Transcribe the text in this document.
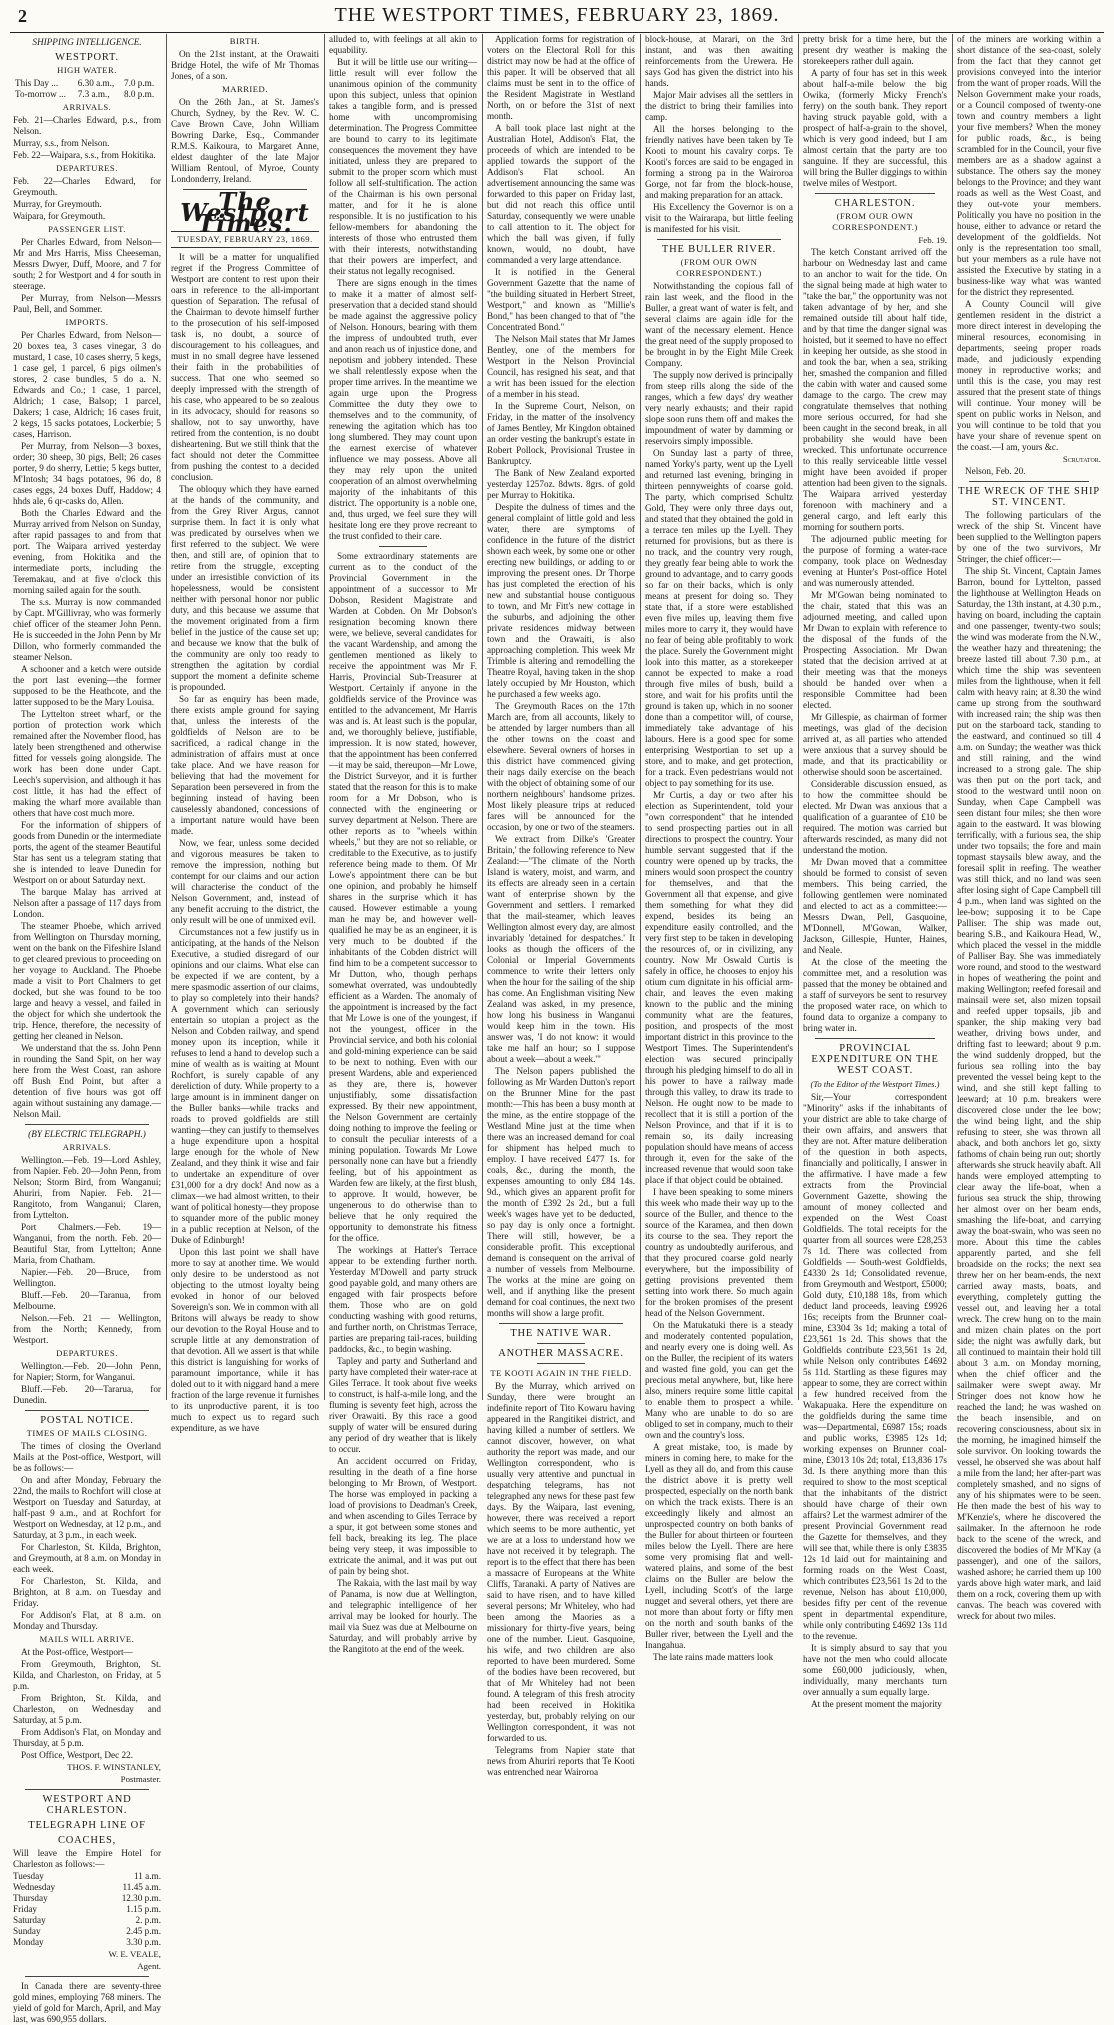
2	THE WESTPORT TIMES, FEBRUARY 23, 1869.
SHIPPING INTELLIGENCE.
WESTPORT.
HIGH WATER.
This Day ...	6.30 a.m.,	7.0 p.m.
To-morrow ...	7.3 a.m.,	8.0 p.m.
ARRIVALS.

Feb. 21—Charles Edward, p.s., from Nelson.

Murray, s.s., from Nelson.

Feb. 22—Waipara, s.s., from Hokitika.

DEPARTURES.

Feb. 22—Charles Edward, for Greymouth.

Murray, for Greymouth.

Waipara, for Greymouth.

PASSENGER LIST.

Per Charles Edward, from Nelson—Mr and Mrs Harris, Miss Cheeseman, Messrs Dwyer, Duff, Moore, and 7 for south; 2 for Westport and 4 for south in steerage.

Per Murray, from Nelson—Messrs Paul, Bell, and Sommer.

IMPORTS.

Per Charles Edward, from Nelson—20 boxes tea, 3 cases vinegar, 3 do mustard, 1 case, 10 cases sherry, 5 kegs, 1 case gel, 1 parcel, 6 pigs oilmen's stores, 2 case bundles, 5 do a. N. Edwards and Co.; 1 case, 1 parcel, Aldrich; 1 case, Balsop; 1 parcel, Dakers; 1 case, Aldrich; 16 cases fruit, 2 kegs, 15 sacks potatoes, Lockerbie; 5 cases, Harrison.

Per Murray, from Nelson—3 boxes, order; 30 sheep, 30 pigs, Bell; 26 cases porter, 9 do sherry, Lettie; 5 kegs butter, M'Intosh; 34 bags potatoes, 96 do, 8 cases eggs, 24 boxes Duff, Haddow; 4 hhds ale, 6 qr-casks do, Allen.

Both the Charles Edward and the Murray arrived from Nelson on Sunday, after rapid passages to and from that port. The Waipara arrived yesterday evening, from Hokitika and the intermediate ports, including the Teremakau, and at five o'clock this morning sailed again for the south.

The s.s. Murray is now commanded by Capt. M'Gillivray, who was formerly chief officer of the steamer John Penn. He is succeeded in the John Penn by Mr Dillon, who formerly commanded the steamer Nelson.

A schooner and a ketch were outside the port last evening—the former supposed to be the Heathcote, and the latter supposed to be the Mary Louisa.

The Lyttelton street wharf, or the portion of protection work which remained after the November flood, has lately been strengthened and otherwise fitted for vessels going alongside. The work has been done under Capt. Leech's supervision, and although it has cost little, it has had the effect of making the wharf more available than others that have cost much more.

For the information of shippers of goods from Dunedin or the intermediate ports, the agent of the steamer Beautiful Star has sent us a telegram stating that she is intended to leave Dunedin for Westport on or about Saturday next.

The barque Malay has arrived at Nelson after a passage of 117 days from London.

The steamer Phoebe, which arrived from Wellington on Thursday morning, went on the bank on the Fifeshire Island to get cleared previous to proceeding on her voyage to Auckland. The Phoebe made a visit to Port Chalmers to get docked, but she was found to be too large and heavy a vessel, and failed in the object for which she undertook the trip. Hence, therefore, the necessity of getting her cleaned in Nelson.

We understand that the ss. John Penn in rounding the Sand Spit, on her way here from the West Coast, ran ashore off Bush End Point, but after a detention of five hours was got off again without sustaining any damage.—Nelson Mail.

(BY ELECTRIC TELEGRAPH.)
ARRIVALS.

Wellington.—Feb. 19—Lord Ashley, from Napier. Feb. 20—John Penn, from Nelson; Storm Bird, from Wanganui; Ahuriri, from Napier. Feb. 21—Rangitoto, from Wanganui; Claren, from Lyttelton.

Port Chalmers.—Feb. 19—Wanganui, from the north. Feb. 20—Beautiful Star, from Lyttelton; Anne Maria, from Chatham.

Napier.—Feb. 20—Bruce, from Wellington.

Bluff.—Feb. 20—Taranua, from Melbourne.

Nelson.—Feb. 21 — Wellington, from the North; Kennedy, from Westport.

DEPARTURES.

Wellington.—Feb. 20—John Penn, for Napier; Storm, for Wanganui.

Bluff.—Feb. 20—Tararua, for Dunedin.

POSTAL NOTICE.
TIMES OF MAILS CLOSING.

The times of closing the Overland Mails at the Post-office, Westport, will be as follows:—

On and after Monday, February the 22nd, the mails to Rochfort will close at Westport on Tuesday and Saturday, at half-past 9 a.m., and at Rochfort for Westport on Wednesday, at 12 p.m., and Saturday, at 3 p.m., in each week.

For Charleston, St. Kilda, Brighton, and Greymouth, at 8 a.m. on Monday in each week.

For Charleston, St. Kilda, and Brighton, at 8 a.m. on Tuesday and Friday.

For Addison's Flat, at 8 a.m. on Monday and Thursday.

MAILS WILL ARRIVE.

At the Post-office, Westport—

From Greymouth, Brighton, St. Kilda, and Charleston, on Friday, at 5 p.m.

From Brighton, St. Kilda, and Charleston, on Wednesday and Saturday, at 5 p.m.

From Addison's Flat, on Monday and Thursday, at 5 p.m.

Post Office, Westport, Dec 22.

THOS. F. WINSTANLEY,
Postmaster.
WESTPORT AND CHARLESTON.
TELEGRAPH LINE OF
COACHES,

Will leave the Empire Hotel for Charleston as follows:—

Tuesday	11 a.m.
Wednesday	11.45 a.m.
Thursday	12.30 p.m.
Friday	1.15 p.m.
Saturday	2. p.m.
Sunday	2.45 p.m.
Monday	3.30 p.m.
W. E. VEALE,
Agent.

In Canada there are seventy-three gold mines, employing 768 miners. The yield of gold for March, April, and May last, was 690,955 dollars.

BIRTH.

On the 21st instant, at the Orawaiti Bridge Hotel, the wife of Mr Thomas Jones, of a son.

MARRIED.

On the 26th Jan., at St. James's Church, Sydney, by the Rev. W. C. Cave Brown Cave, John William Bowring Darke, Esq., Commander R.M.S. Kaikoura, to Margaret Anne, eldest daughter of the late Major William Rentoul, of Myroe, County Londonderry, Ireland.

The Westport Times.
TUESDAY, FEBRUARY 23, 1869.

It will be a matter for unqualified regret if the Progress Committee of Westport are content to rest upon their oars in reference to the all-important question of Separation. The refusal of the Chairman to devote himself further to the prosecution of his self-imposed task is, no doubt, a source of discouragement to his colleagues, and must in no small degree have lessened their faith in the probabilities of success. That one who seemed so deeply impressed with the strength of his case, who appeared to be so zealous in its advocacy, should for reasons so shallow, not to say unworthy, have retired from the contention, is no doubt disheartening. But we still think that the fact should not deter the Committee from pushing the contest to a decided conclusion.

The obloquy which they have earned at the hands of the community, and from the Grey River Argus, cannot surprise them. In fact it is only what was predicated by ourselves when we first referred to the subject. We were then, and still are, of opinion that to retire from the struggle, excepting under an irresistible conviction of its hopelessness, would be consistent neither with personal honor nor public duty, and this because we assume that the movement originated from a firm belief in the justice of the cause set up; and because we know that the bulk of the community are only too ready to strengthen the agitation by cordial support the moment a definite scheme is propounded.

So far as enquiry has been made, there exists ample ground for saying that, unless the interests of the goldfields of Nelson are to be sacrificed, a radical change in the administration of affairs must at once take place. And we have reason for believing that had the movement for Separation been persevered in from the beginning instead of having been causelessly abandoned, concessions of a important nature would have been made.

Now, we fear, unless some decided and vigorous measures be taken to remove the impression, nothing but contempt for our claims and our action will characterise the conduct of the Nelson Government, and, instead of any benefit accruing to the district, the only result will be one of unmixed evil.

Circumstances not a few justify us in anticipating, at the hands of the Nelson Executive, a studied disregard of our opinions and our claims. What else can be expected if we are content, by a mere spasmodic assertion of our claims, to play so completely into their hands? A government which can seriously entertain so utopian a project as the Nelson and Cobden railway, and spend money upon its inception, while it refuses to lend a hand to develop such a mine of wealth as is waiting at Mount Rochfort, is surely capable of any dereliction of duty. While property to a large amount is in imminent danger on the Buller banks—while tracks and roads to proved goldfields are still wanting—they can justify to themselves a huge expenditure upon a hospital large enough for the whole of New Zealand, and they think it wise and fair to undertake an expenditure of over £31,000 for a dry dock! And now as a climax—we had almost written, to their want of political honesty—they propose to squander more of the public money in a public reception at Nelson, of the Duke of Edinburgh!

Upon this last point we shall have more to say at another time. We would only desire to be understood as not objecting to the utmost loyalty being evoked in honor of our beloved Sovereign's son. We in common with all Britons will always be ready to show our devotion to the Royal House and to scruple little at any demonstration of that devotion. All we assert is that while this district is languishing for works of paramount importance, while it has doled out to it with niggard hand a mere fraction of the large revenue it furnishes to its unproductive parent, it is too much to expect us to regard such expenditure, as we have

alluded to, with feelings at all akin to equability.

But it will be little use our writing—little result will ever follow the unanimous opinion of the community upon this subject, unless that opinion takes a tangible form, and is pressed home with uncompromising determination. The Progress Committee are bound to carry to its legitimate consequences the movement they have initiated, unless they are prepared to submit to the proper scorn which must follow all self-stultification. The action of the Chairman is his own personal matter, and for it he is alone responsible. It is no justification to his fellow-members for abandoning the interests of those who entrusted them with their interests, notwithstanding that their powers are imperfect, and their status not legally recognised.

There are signs enough in the times to make it a matter of almost self-preservation that a decided stand should be made against the aggressive policy of Nelson. Honours, bearing with them the impress of undoubted truth, ever and anon reach us of injustice done, and nepotism and jobbery intended. These we shall relentlessly expose when the proper time arrives. In the meantime we again urge upon the Progress Committee the duty they owe to themselves and to the community, of renewing the agitation which has too long slumbered. They may count upon the earnest exercise of whatever influence we may possess. Above all they may rely upon the united cooperation of an almost overwhelming majority of the inhabitants of this district. The opportunity is a noble one, and, thus urged, we feel sure they will hesitate long ere they prove recreant to the trust confided to their care.

Some extraordinary statements are current as to the conduct of the Provincial Government in the appointment of a successor to Mr Dobson, Resident Magistrate and Warden at Cobden. On Mr Dobson's resignation becoming known there were, we believe, several candidates for the vacant Wardenship, and among the gentlemen mentioned as likely to receive the appointment was Mr F. Harris, Provincial Sub-Treasurer at Westport. Certainly if anyone in the goldfields service of the Province was entitled to the advancement, Mr Harris was and is. At least such is the popular, and, we thoroughly believe, justifiable, impression. It is now stated, however, that the appointment has been conferred—it may be said, thereupon—Mr Lowe, the District Surveyor, and it is further stated that the reason for this is to make room for a Mr Dobson, who is connected with the engineering or survey department at Nelson. There are other reports as to "wheels within wheels," but they are not so reliable, or creditable to the Executive, as to justify reference being made to them. Of Mr Lowe's appointment there can be but one opinion, and probably he himself shares in the surprise which it has caused. However estimable a young man he may be, and however well-qualified he may be as an engineer, it is very much to be doubted if the inhabitants of the Cobden district will find him to be a competent successor to Mr Dutton, who, though perhaps somewhat overrated, was undoubtedly efficient as a Warden. The anomaly of the appointment is increased by the fact that Mr Lowe is one of the youngest, if not the youngest, officer in the Provincial service, and both his colonial and gold-mining experience can be said to be next to nothing. Even with our present Wardens, able and experienced as they are, there is, however unjustifiably, some dissatisfaction expressed. By their new appointment, the Nelson Government are certainly doing nothing to improve the feeling or to consult the peculiar interests of a mining population. Towards Mr Lowe personally none can have but a friendly feeling, but of his appointment as Warden few are likely, at the first blush, to approve. It would, however, be ungenerous to do otherwise than to believe that he only required the opportunity to demonstrate his fitness for the office.

The workings at Hatter's Terrace appear to be extending further north. Yesterday M'Dowell and party struck good payable gold, and many others are engaged with fair prospects before them. Those who are on gold conducting washing with good returns, and further north, on Christmas Terrace, parties are preparing tail-races, building paddocks, &c., to begin washing.

Tapley and party and Sutherland and party have completed their water-race at Giles Terrace. It took about five weeks to construct, is half-a-mile long, and the fluming is seventy feet high, across the river Orawaiti. By this race a good supply of water will be ensured during any period of dry weather that is likely to occur.

An accident occurred on Friday, resulting in the death of a fine horse belonging to Mr Brown, of Westport. The horse was employed in packing a load of provisions to Deadman's Creek, and when ascending to Giles Terrace by a spur, it got between some stones and fell back, breaking its leg. The place being very steep, it was impossible to extricate the animal, and it was put out of pain by being shot.

The Rakaia, with the last mail by way of Panama, is now due at Wellington, and telegraphic intelligence of her arrival may be looked for hourly. The mail via Suez was due at Melbourne on Saturday, and will probably arrive by the Rangitoto at the end of the week.

Application forms for registration of voters on the Electoral Roll for this district may now be had at the office of this paper. It will be observed that all claims must be sent in to the office of the Resident Magistrate in Westland North, on or before the 31st of next month.

A ball took place last night at the Australian Hotel, Addison's Flat, the proceeds of which are intended to be applied towards the support of the Addison's Flat school. An advertisement announcing the same was forwarded to this paper on Friday last, but did not reach this office until Saturday, consequently we were unable to call attention to it. The object for which the ball was given, if fully known, would, no doubt, have commanded a very large attendance.

It is notified in the General Government Gazette that the name of "the building situated in Herbert Street, Westport," and known as "Millie's Bond," has been changed to that of "the Concentrated Bond."

The Nelson Mail states that Mr James Bentley, one of the members for Westport in the Nelson Provincial Council, has resigned his seat, and that a writ has been issued for the election of a member in his stead.

In the Supreme Court, Nelson, on Friday, in the matter of the insolvency of James Bentley, Mr Kingdon obtained an order vesting the bankrupt's estate in Robert Pollock, Provisional Trustee in Bankruptcy.

The Bank of New Zealand exported yesterday 1257oz. 8dwts. 8grs. of gold per Murray to Hokitika.

Despite the dulness of times and the general complaint of little gold and less water, there are symptoms of confidence in the future of the district shown each week, by some one or other erecting new buildings, or adding to or improving the present ones. Dr Thorpe has just completed the erection of his new and substantial house contiguous to town, and Mr Fitt's new cottage in the suburbs, and adjoining the other private residences midway between town and the Orawaiti, is also approaching completion. This week Mr Trimble is altering and remodelling the Theatre Royal, having taken in the shop lately occupied by Mr Houston, which he purchased a few weeks ago.

The Greymouth Races on the 17th March are, from all accounts, likely to be attended by larger numbers than all the other towns on the coast and elsewhere. Several owners of horses in this district have commenced giving their nags daily exercise on the beach with the object of obtaining some of our northern neighbours' handsome prizes. Most likely pleasure trips at reduced fares will be announced for the occasion, by one or two of the steamers.

We extract from Dilke's 'Greater Britain,' the following reference to New Zealand:—"The climate of the North Island is watery, moist, and warm, and its effects are already seen in a certain want of enterprise shown by the Government and settlers. I remarked that the mail-steamer, which leaves Wellington almost every day, are almost invariably 'detained for despatches.' It looks as though the officers of the Colonial or Imperial Governments commence to write their letters only when the hour for the sailing of the ship has come. An Englishman visiting New Zealand was asked, in my presence, how long his business in Wanganui would keep him in the town. His answer was, 'I do not know: it would take me half an hour; so I suppose about a week—about a week.'"

The Nelson papers published the following as Mr Warden Dutton's report on the Brunner Mine for the past month:—This has been a busy month at the mine, as the entire stoppage of the Westland Mine just at the time when there was an increased demand for coal for shipment has helped much to employ. I have received £477 1s. for coals, &c., during the month, the expenses amounting to only £84 14s. 9d., which gives an apparent profit for the month of £392 2s 2d., but a full week's wages have yet to be deducted, so pay day is only once a fortnight. There will still, however, be a considerable profit. This exceptional demand is consequent on the arrival of a number of vessels from Melbourne. The works at the mine are going on well, and if anything like the present demand for coal continues, the next two months will show a large profit.

THE NATIVE WAR.
ANOTHER MASSACRE.
TE KOOTI AGAIN IN THE FIELD.

By the Murray, which arrived on Sunday, there were brought an indefinite report of Tito Kowaru having appeared in the Rangitikei district, and having killed a number of settlers. We cannot discover, however, on what authority the report was made, and our Wellington correspondent, who is usually very attentive and punctual in despatching telegrams, has not telegraphed any news for these past few days. By the Waipara, last evening, however, there was received a report which seems to be more authentic, yet we are at a loss to understand how we have not received it by telegraph. The report is to the effect that there has been a massacre of Europeans at the White Cliffs, Taranaki. A party of Natives are said to have risen, and to have killed several persons; Mr Whiteley, who had been among the Maories as a missionary for thirty-five years, being one of the number. Lieut. Gasquoine, his wife, and two children are also reported to have been murdered. Some of the bodies have been recovered, but that of Mr Whiteley had not been found. A telegram of this fresh atrocity had been received in Hokitika yesterday, but, probably relying on our Wellington correspondent, it was not forwarded to us.

Telegrams from Napier state that news from Ahuriri reports that Te Kooti was entrenched near Wairoroa

block-house, at Marari, on the 3rd instant, and was then awaiting reinforcements from the Urewera. He says God has given the district into his hands.

Major Mair advises all the settlers in the district to bring their families into camp.

All the horses belonging to the friendly natives have been taken by Te Kooti to mount his cavalry corps. Te Kooti's forces are said to be engaged in forming a strong pa in the Wairoroa Gorge, not far from the block-house, and making preparation for an attack.

His Excellency the Governor is on a visit to the Wairarapa, but little feeling is manifested for his visit.

THE BULLER RIVER.
(FROM OUR OWN CORRESPONDENT.)

Notwithstanding the copious fall of rain last week, and the flood in the Buller, a great want of water is felt, and several claims are again idle for the want of the necessary element. Hence the great need of the supply proposed to be brought in by the Eight Mile Creek Company.

The supply now derived is principally from steep rills along the side of the ranges, which a few days' dry weather very nearly exhausts; and their rapid slope soon runs them off and makes the impoundment of water by damming or reservoirs simply impossible.

On Sunday last a party of three, named Yorky's party, went up the Lyell and returned last evening, bringing in thirteen pennyweights of coarse gold. The party, which comprised Schultz Gold, They were only three days out, and stated that they obtained the gold in a terrace ten miles up the Lyell. They returned for provisions, but as there is no track, and the country very rough, they greatly fear being able to work the ground to advantage, and to carry goods so far on their backs, which is only means at present for doing so. They state that, if a store were established even five miles up, leaving them five miles more to carry it, they would have no fear of being able profitably to work the place. Surely the Government might look into this matter, as a storekeeper cannot be expected to make a road through five miles of bush, build a store, and wait for his profits until the ground is taken up, which in no sooner done than a competitor will, of course, immediately take advantage of his labours. Here is a good spec for some enterprising Westportian to set up a store, and to make, and get protection, for a track. Even pedestrians would not object to pay something for its use.

Mr Curtis, a day or two after his election as Superintendent, told your "own correspondent" that he intended to send prospecting parties out in all directions to prospect the country. Your humble servant suggested that if the country were opened up by tracks, the miners would soon prospect the country for themselves, and that the Government all that expense, and give them something for what they did expend, besides its being an expenditure easily controlled, and the very first step to be taken in developing the resources of, or in civilizing, any country. Now Mr Oswald Curtis is safely in office, he chooses to enjoy his otium cum dignitate in his official arm-chair, and leaves the even making known to the public and the mining community what are the features, position, and prospects of the most important district in this province to the Westport Times. The Superintendent's election was secured principally through his pledging himself to do all in his power to have a railway made through this valley, to draw its trade to Nelson. He ought now to be made to recollect that it is still a portion of the Nelson Province, and that if it is to remain so, its daily increasing population should have means of access through it, even for the sake of the increased revenue that would soon take place if that object could be obtained.

I have been speaking to some miners this week who made their way up to the source of the Buller, and thence to the source of the Karamea, and then down its course to the sea. They report the country as undoubtedly auriferous, and that they procured coarse gold nearly everywhere, but the impossibility of getting provisions prevented them setting into work there. So much again for the broken promises of the present head of the Nelson Government.

On the Matukatuki there is a steady and moderately contented population, and nearly every one is doing well. As on the Buller, the recipient of its waters and wasted fine gold, you can get the precious metal anywhere, but, like here also, miners require some little capital to enable them to prospect a while. Many who are unable to do so are obliged to set in company, much to their own and the country's loss.

A great mistake, too, is made by miners in coming here, to make for the Lyell as they all do, and from this cause the district above it is pretty well prospected, especially on the north bank on which the track exists. There is an exceedingly likely and almost an unprospected country on both banks of the Buller for about thirteen or fourteen miles below the Lyell. There are here some very promising flat and well-watered plains, and some of the best claims on the Buller are below the Lyell, including Scott's of the large nugget and several others, yet there are not more than about forty or fifty men on the north and south banks of the Buller river, between the Lyell and the Inangahua.

The late rains made matters look

pretty brisk for a time here, but the present dry weather is making the storekeepers rather dull again.

A party of four has set in this week about half-a-mile below the big Owika, (formerly Micky French's ferry) on the south bank. They report having struck payable gold, with a prospect of half-a-grain to the shovel, which is very good indeed, but I am almost certain that the party are too sanguine. If they are successful, this will bring the Buller diggings to within twelve miles of Westport.

CHARLESTON.
(FROM OUR OWN CORRESPONDENT.)
Feb. 19.

The ketch Constant arrived off the harbour on Wednesday last and came to an anchor to wait for the tide. On the signal being made at high water to "take the bar," the opportunity was not taken advantage of by her, and she remained outside till about half tide, and by that time the danger signal was hoisted, but it seemed to have no effect in keeping her outside, as she stood in and took the bar, when a sea, striking her, smashed the companion and filled the cabin with water and caused some damage to the cargo. The crew may congratulate themselves that nothing more serious occurred, for had she been caught in the second break, in all probability she would have been wrecked. This unfortunate occurrence to this really serviceable little vessel might have been avoided if proper attention had been given to the signals. The Waipara arrived yesterday forenoon with machinery and a general cargo, and left early this morning for southern ports.

The adjourned public meeting for the purpose of forming a water-race company, took place on Wednesday evening at Hunter's Post-office Hotel and was numerously attended.

Mr M'Gowan being nominated to the chair, stated that this was an adjourned meeting, and called upon Mr Dwan to explain with reference to the disposal of the funds of the Prospecting Association. Mr Dwan stated that the decision arrived at at their meeting was that the moneys should be handed over when a responsible Committee had been elected.

Mr Gillespie, as chairman of former meetings, was glad of the decision arrived at, as all parties who attended were anxious that a survey should be made, and that its practicability or otherwise should soon be ascertained.

Considerable discussion ensued, as to how the committee should be elected. Mr Dwan was anxious that a qualification of a guarantee of £10 be required. The motion was carried but afterwards rescinded, as many did not understand the motion.

Mr Dwan moved that a committee should be formed to consist of seven members. This being carried, the following gentlemen were nominated and elected to act as a committee:—Messrs Dwan, Pell, Gasquoine, M'Donnell, M'Gowan, Walker, Jackson, Gillespie, Hunter, Haines, and Neale.

At the close of the meeting the committee met, and a resolution was passed that the money be obtained and a staff of surveyors be sent to resurvey the proposed water race, on which to found data to organize a company to bring water in.

PROVINCIAL EXPENDITURE ON THE WEST COAST.
(To the Editor of the Westport Times.)

Sir,—Your correspondent "Minority" asks if the inhabitants of your district are able to take charge of their own affairs, and answers that they are not. After mature deliberation of the question in both aspects, financially and politically, I answer in the affirmative. I have made a few extracts from the Provincial Government Gazette, showing the amount of money collected and expended on the West Coast Goldfields. The total receipts for the quarter from all sources were £28,253 7s 1d. There was collected from Goldfields — South-west Goldfields, £4330 2s 1d; Consolidated revenue, from Greymouth and Westport, £5000; Gold duty, £10,188 18s, from which deduct land proceeds, leaving £9926 16s; receipts from the Brunner coal-mine, £3304 3s 1d; making a total of £23,561 1s 2d. This shows that the Goldfields contribute £23,561 1s 2d, while Nelson only contributes £4692 5s 11d. Startling as these figures may appear to some, they are correct within a few hundred received from the Wakapuaka. Here the expenditure on the goldfields during the same time was—Departmental, £6987 15s; roads and public works, £3985 12s 1d; working expenses on Brunner coal-mine, £3013 10s 2d; total, £13,836 17s 3d. Is there anything more than this required to show to the most sceptical that the inhabitants of the district should have charge of their own affairs? Let the warmest admirer of the present Provincial Government read the Gazette for themselves, and they will see that, while there is only £3835 12s 1d laid out for maintaining and forming roads on the West Coast, which contributes £23,561 1s 2d to the revenue, Nelson has about £10,000, besides fifty per cent of the revenue spent in departmental expenditure, while only contributing £4692 13s 11d to the revenue.

It is simply absurd to say that you have not the men who could allocate some £60,000 judiciously, when, individually, many merchants turn over annually a sum equally large.

At the present moment the majority

of the miners are working within a short distance of the sea-coast, solely from the fact that they cannot get provisions conveyed into the interior from the want of proper roads. Will the Nelson Government make your roads, or a Council composed of twenty-one town and country members a light your five members? When the money for public roads, &c., is being scrambled for in the Council, your five members are as a shadow against a substance. The others say the money belongs to the Province; and they want roads as well as the West Coast, and they out-vote your members. Politically you have no position in the house, either to advance or retard the development of the goldfields. Not only is the representation too small, but your members as a rule have not assisted the Executive by stating in a business-like way what was wanted for the district they represented.

A County Council will give gentlemen resident in the district a more direct interest in developing the mineral resources, economising in departments, seeing proper roads made, and judiciously expending money in reproductive works; and until this is the case, you may rest assured that the present state of things will continue. Your money will be spent on public works in Nelson, and you will continue to be told that you have your share of revenue spent on the coast.—I am, yours &c.

Scrutator.

Nelson, Feb. 20.

THE WRECK OF THE SHIP ST. VINCENT.

The following particulars of the wreck of the ship St. Vincent have been supplied to the Wellington papers by one of the two survivors, Mr Stringer, the chief officer:—

The ship St. Vincent, Captain James Barron, bound for Lyttelton, passed the lighthouse at Wellington Heads on Saturday, the 13th instant, at 4.30 p.m., having on board, including the captain and one passenger, twenty-two souls; the wind was moderate from the N.W., the weather hazy and threatening; the breeze lasted till about 7.30 p.m., at which time the ship was seventeen miles from the lighthouse, when it fell calm with heavy rain; at 8.30 the wind came up strong from the southward with increased rain; the ship was then put on the starboard tack, standing to the eastward, and continued so till 4 a.m. on Sunday; the weather was thick and still raining, and the wind increased to a strong gale. The ship was then put on the port tack, and stood to the westward until noon on Sunday, when Cape Campbell was seen distant four miles; she then wore again to the eastward. It was blowing terrifically, with a furious sea, the ship under two topsails; the fore and main topmast staysails blew away, and the foresail split in reefing. The weather was still thick, and no land was seen after losing sight of Cape Campbell till 4 p.m., when land was sighted on the lee-bow; supposing it to be Cape Palliser. The ship was made out, bearing S.B., and Kaikoura Head, W., which placed the vessel in the middle of Palliser Bay. She was immediately wore round, and stood to the westward in hopes of weathering the point and making Wellington; reefed foresail and mainsail were set, also mizen topsail and reefed upper topsails, jib and spanker, the ship making very bad weather, driving bows under, and drifting fast to leeward; about 9 p.m. the wind suddenly dropped, but the furious sea rolling into the bay prevented the vessel being kept to the wind, and she still kept falling to leeward; at 10 p.m. breakers were discovered close under the lee bow; the wind being light, and the ship refusing to steer, she was thrown all aback, and both anchors let go, sixty fathoms of chain being run out; shortly afterwards she struck heavily abaft. All hands were employed attempting to clear away the life-boat, when a furious sea struck the ship, throwing her almost over on her beam ends, smashing the life-boat, and carrying away the boat-swain, who was seen no more. About this time the cables apparently parted, and she fell broadside on the rocks; the next sea threw her on her beam-ends, the next carried away masts, boats, and everything, completely gutting the vessel out, and leaving her a total wreck. The crew hung on to the main and mizen chain plates on the port side; the night was awfully dark, but all continued to maintain their hold till about 3 a.m. on Monday morning, when the chief officer and the sailmaker were swept away. Mr Stringer does not know how he reached the land; he was washed on the beach insensible, and on recovering consciousness, about six in the morning, he imagined himself the sole survivor. On looking towards the vessel, he observed she was about half a mile from the land; her after-part was completely smashed, and no signs of any of his shipmates were to be seen. He then made the best of his way to M'Kenzie's, where he discovered the sailmaker. In the afternoon he rode back to the scene of the wreck, and discovered the bodies of Mr M'Kay (a passenger), and one of the sailors, washed ashore; he carried them up 100 yards above high water mark, and laid them on a rock, covering them up with canvas. The beach was covered with wreck for about two miles.
